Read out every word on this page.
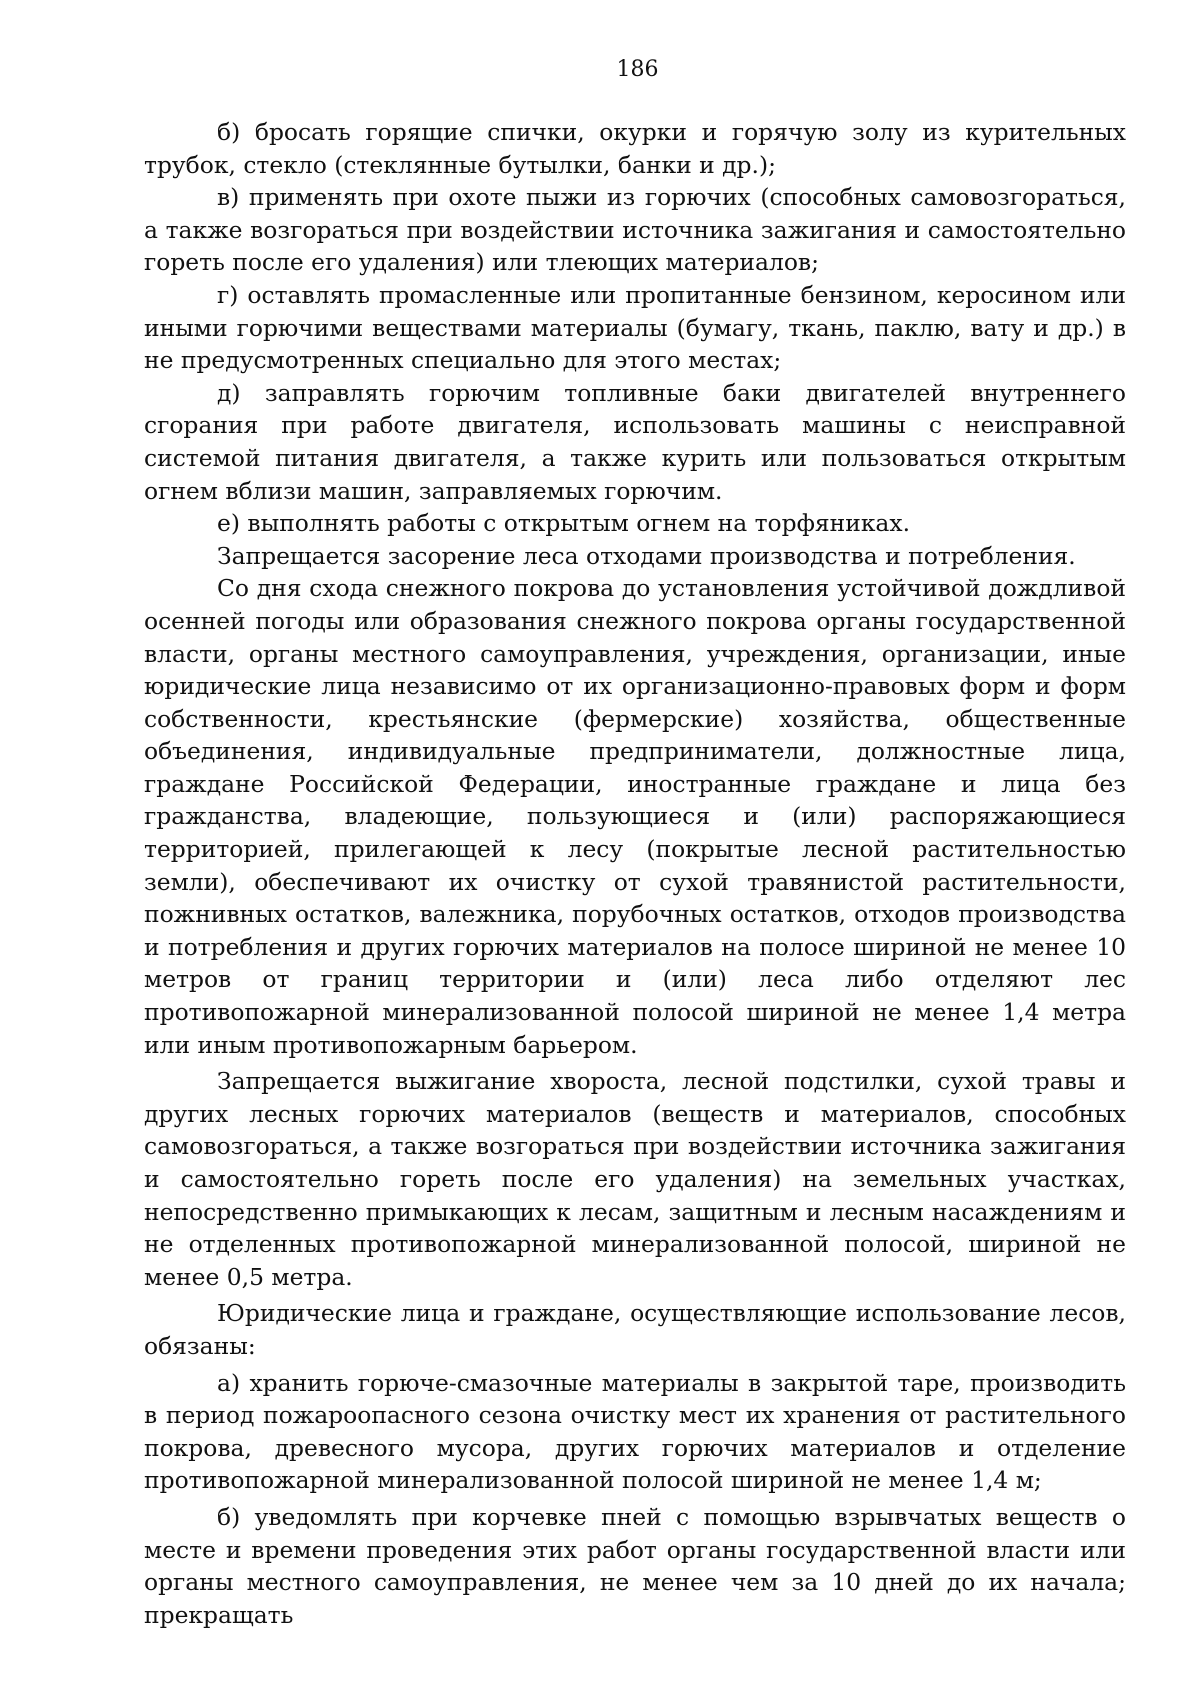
186

б) бросать горящие спички, окурки и горячую золу из курительных трубок, стекло (стеклянные бутылки, банки и др.);

в) применять при охоте пыжи из горючих (способных самовозгораться, а также возгораться при воздействии источника зажигания и самостоятельно гореть после его удаления) или тлеющих материалов;

г) оставлять промасленные или пропитанные бензином, керосином или иными горючими веществами материалы (бумагу, ткань, паклю, вату и др.) в не предусмотренных специально для этого местах;

д) заправлять горючим топливные баки двигателей внутреннего сгорания при работе двигателя, использовать машины с неисправной системой питания двигателя, а также курить или пользоваться открытым огнем вблизи машин, заправляемых горючим.

е) выполнять работы с открытым огнем на торфяниках.

Запрещается засорение леса отходами производства и потребления.

Со дня схода снежного покрова до установления устойчивой дождливой осенней погоды или образования снежного покрова органы государственной власти, органы местного самоуправления, учреждения, организации, иные юридические лица независимо от их организационно-правовых форм и форм собственности, крестьянские (фермерские) хозяйства, общественные объединения, индивидуальные предприниматели, должностные лица, граждане Российской Федерации, иностранные граждане и лица без гражданства, владеющие, пользующиеся и (или) распоряжающиеся территорией, прилегающей к лесу (покрытые лесной растительностью земли), обеспечивают их очистку от сухой травянистой растительности, пожнивных остатков, валежника, порубочных остатков, отходов производства и потребления и других горючих материалов на полосе шириной не менее 10 метров от границ территории и (или) леса либо отделяют лес противопожарной минерализованной полосой шириной не менее 1,4 метра или иным противопожарным барьером.

Запрещается выжигание хвороста, лесной подстилки, сухой травы и других лесных горючих материалов (веществ и материалов, способных самовозгораться, а также возгораться при воздействии источника зажигания и самостоятельно гореть после его удаления) на земельных участках, непосредственно примыкающих к лесам, защитным и лесным насаждениям и не отделенных противопожарной минерализованной полосой, шириной не менее 0,5 метра.

Юридические лица и граждане, осуществляющие использование лесов, обязаны:

а) хранить горюче-смазочные материалы в закрытой таре, производить в период пожароопасного сезона очистку мест их хранения от растительного покрова, древесного мусора, других горючих материалов и отделение противопожарной минерализованной полосой шириной не менее 1,4 м;

б) уведомлять при корчевке пней с помощью взрывчатых веществ о месте и времени проведения этих работ органы государственной власти или органы местного самоуправления, не менее чем за 10 дней до их начала; прекращать
